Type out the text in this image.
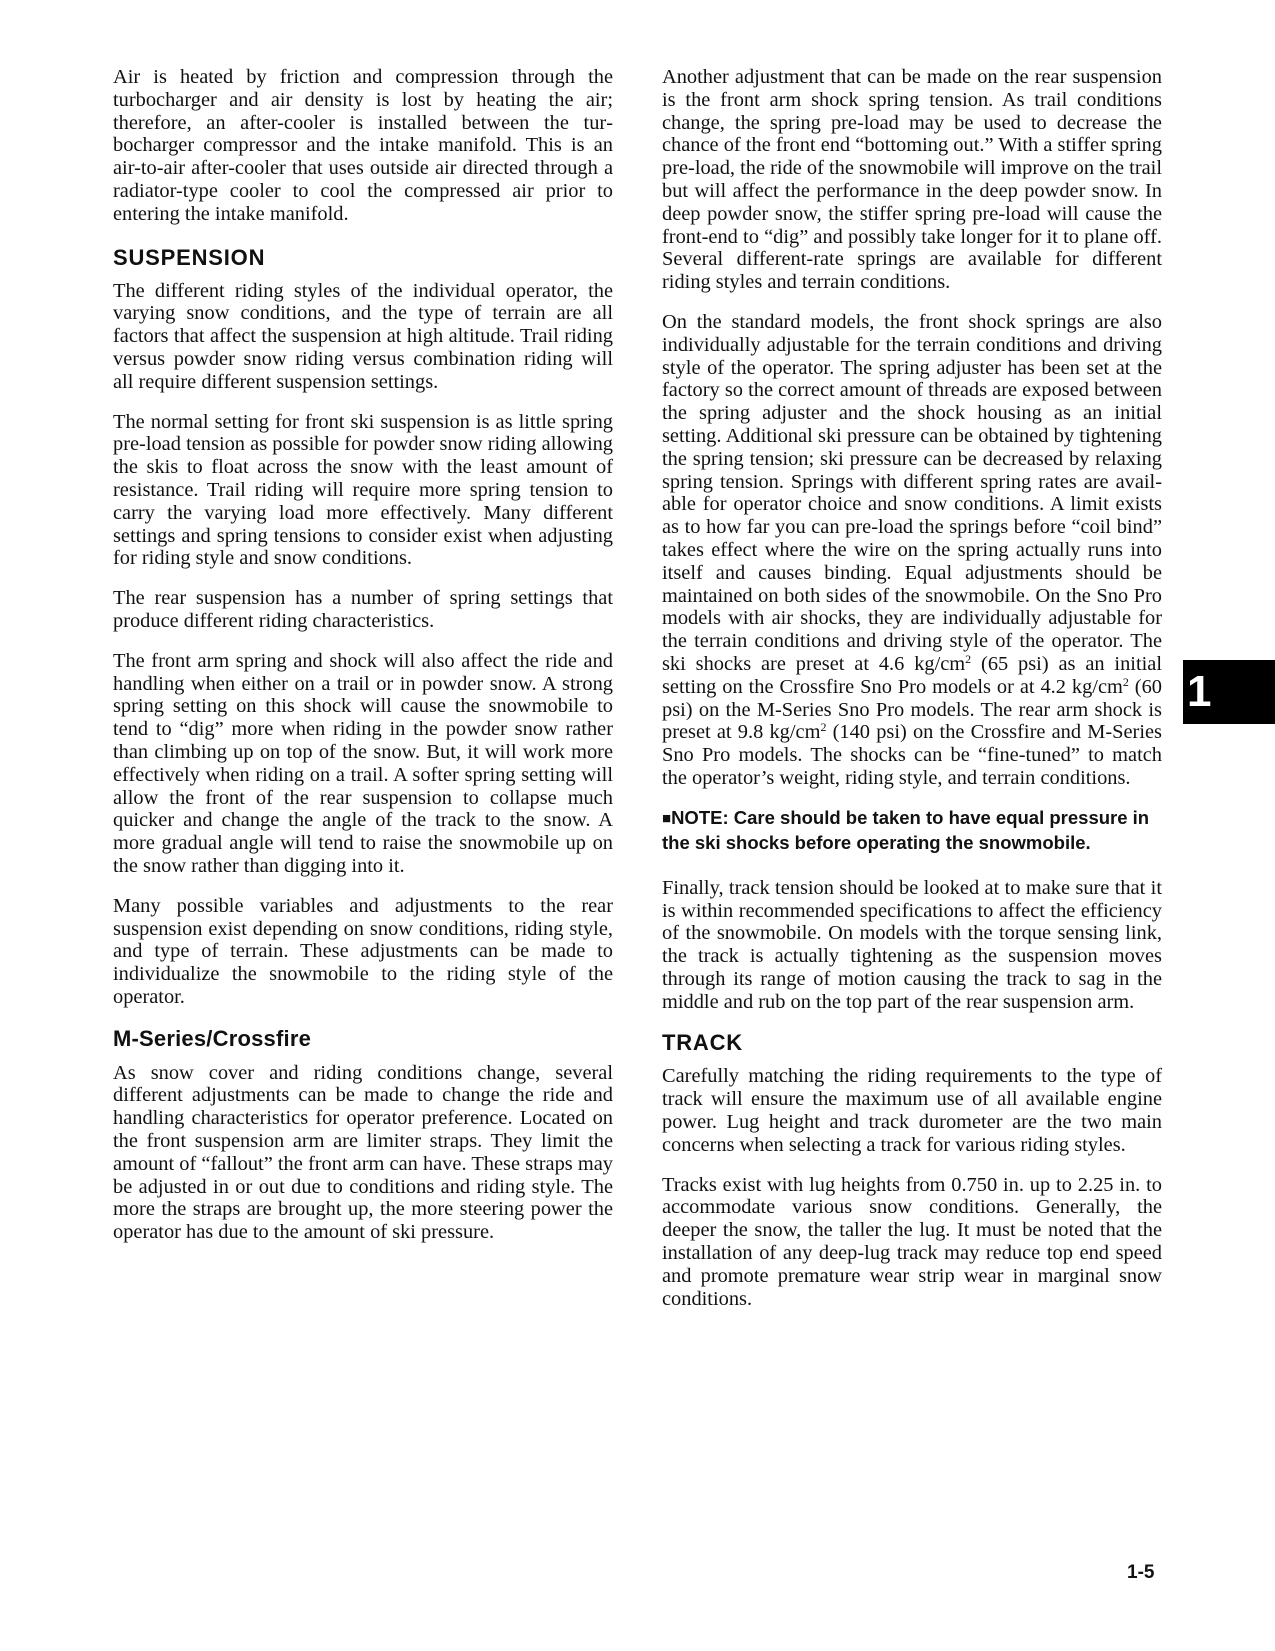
Air is heated by friction and compression through the turbocharger and air density is lost by heating the air; therefore, an after-cooler is installed between the turbocharger compressor and the intake manifold. This is an air-to-air after-cooler that uses outside air directed through a radiator-type cooler to cool the compressed air prior to entering the intake manifold.

SUSPENSION

The different riding styles of the individual operator, the varying snow conditions, and the type of terrain are all factors that affect the suspension at high altitude. Trail riding versus powder snow riding versus combination riding will all require different suspension settings.

The normal setting for front ski suspension is as little spring pre-load tension as possible for powder snow riding allowing the skis to float across the snow with the least amount of resistance. Trail riding will require more spring tension to carry the varying load more effectively. Many different settings and spring tensions to consider exist when adjusting for riding style and snow conditions.

The rear suspension has a number of spring settings that produce different riding characteristics.

The front arm spring and shock will also affect the ride and handling when either on a trail or in powder snow. A strong spring setting on this shock will cause the snowmobile to tend to “dig” more when riding in the powder snow rather than climbing up on top of the snow. But, it will work more effectively when riding on a trail. A softer spring setting will allow the front of the rear suspension to collapse much quicker and change the angle of the track to the snow. A more gradual angle will tend to raise the snowmobile up on the snow rather than digging into it.

Many possible variables and adjustments to the rear suspension exist depending on snow conditions, riding style, and type of terrain. These adjustments can be made to individualize the snowmobile to the riding style of the operator.

M-Series/Crossfire

As snow cover and riding conditions change, several different adjustments can be made to change the ride and handling characteristics for operator preference. Located on the front suspension arm are limiter straps. They limit the amount of “fallout” the front arm can have. These straps may be adjusted in or out due to conditions and riding style. The more the straps are brought up, the more steering power the operator has due to the amount of ski pressure.

Another adjustment that can be made on the rear suspension is the front arm shock spring tension. As trail conditions change, the spring pre-load may be used to decrease the chance of the front end “bottoming out.” With a stiffer spring pre-load, the ride of the snowmobile will improve on the trail but will affect the performance in the deep powder snow. In deep powder snow, the stiffer spring pre-load will cause the front-end to “dig” and possibly take longer for it to plane off. Several different-rate springs are available for different riding styles and terrain conditions.

On the standard models, the front shock springs are also individually adjustable for the terrain conditions and driving style of the operator. The spring adjuster has been set at the factory so the correct amount of threads are exposed between the spring adjuster and the shock housing as an initial setting. Additional ski pressure can be obtained by tightening the spring tension; ski pressure can be decreased by relaxing spring tension. Springs with different spring rates are available for operator choice and snow conditions. A limit exists as to how far you can pre-load the springs before “coil bind” takes effect where the wire on the spring actually runs into itself and causes binding. Equal adjustments should be maintained on both sides of the snowmobile. On the Sno Pro models with air shocks, they are individually adjustable for the terrain conditions and driving style of the operator. The ski shocks are preset at 4.6 $kg/cm^2$ (65 psi) as an initial setting on the Crossfire Sno Pro models or at 4.2 $kg/cm^2$ (60 psi) on the M-Series Sno Pro models. The rear arm shock is preset at 9.8 $kg/cm^2$ (140 psi) on the Crossfire and M-Series Sno Pro models. The shocks can be “fine-tuned” to match the operator’s weight, riding style, and terrain conditions.

■NOTE: Care should be taken to have equal pressure in the ski shocks before operating the snowmobile.

Finally, track tension should be looked at to make sure that it is within recommended specifications to affect the efficiency of the snowmobile. On models with the torque sensing link, the track is actually tightening as the suspension moves through its range of motion causing the track to sag in the middle and rub on the top part of the rear suspension arm.

TRACK

Carefully matching the riding requirements to the type of track will ensure the maximum use of all available engine power. Lug height and track durometer are the two main concerns when selecting a track for various riding styles.

Tracks exist with lug heights from 0.750 in. up to 2.25 in. to accommodate various snow conditions. Generally, the deeper the snow, the taller the lug. It must be noted that the installation of any deep-lug track may reduce top end speed and promote premature wear strip wear in marginal snow conditions.

1
1-5
